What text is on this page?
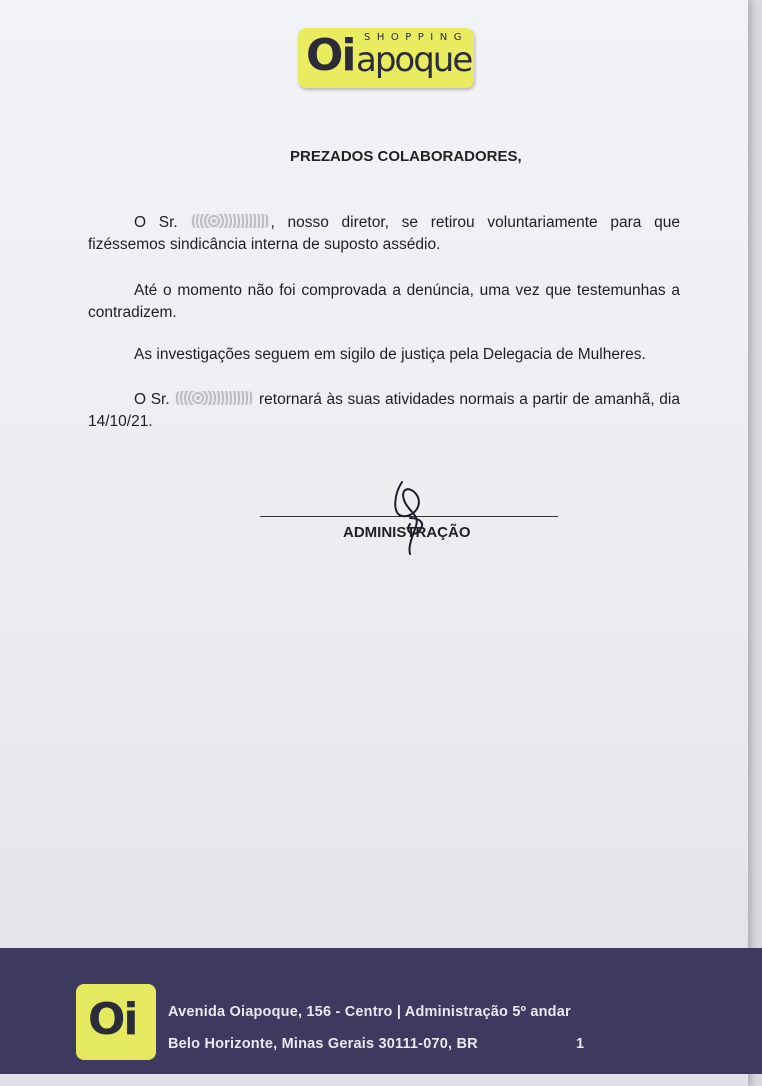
SHOPPING
Oi apoque
PREZADOS COLABORADORES,
O Sr.	, nosso diretor, se retirou voluntariamente para que fizéssemos sindicância interna de suposto assédio.
Até o momento não foi comprovada a denúncia, uma vez que testemunhas a contradizem.
As investigações seguem em sigilo de justiça pela Delegacia de Mulheres.
O Sr.	retornará às suas atividades normais a partir de amanhã, dia 14/10/21.
ADMINISTRAÇÃO
Oi Avenida Oiapoque, 156 - Centro | Administração 5º andar
Belo Horizonte, Minas Gerais 30111-070, BR	1
